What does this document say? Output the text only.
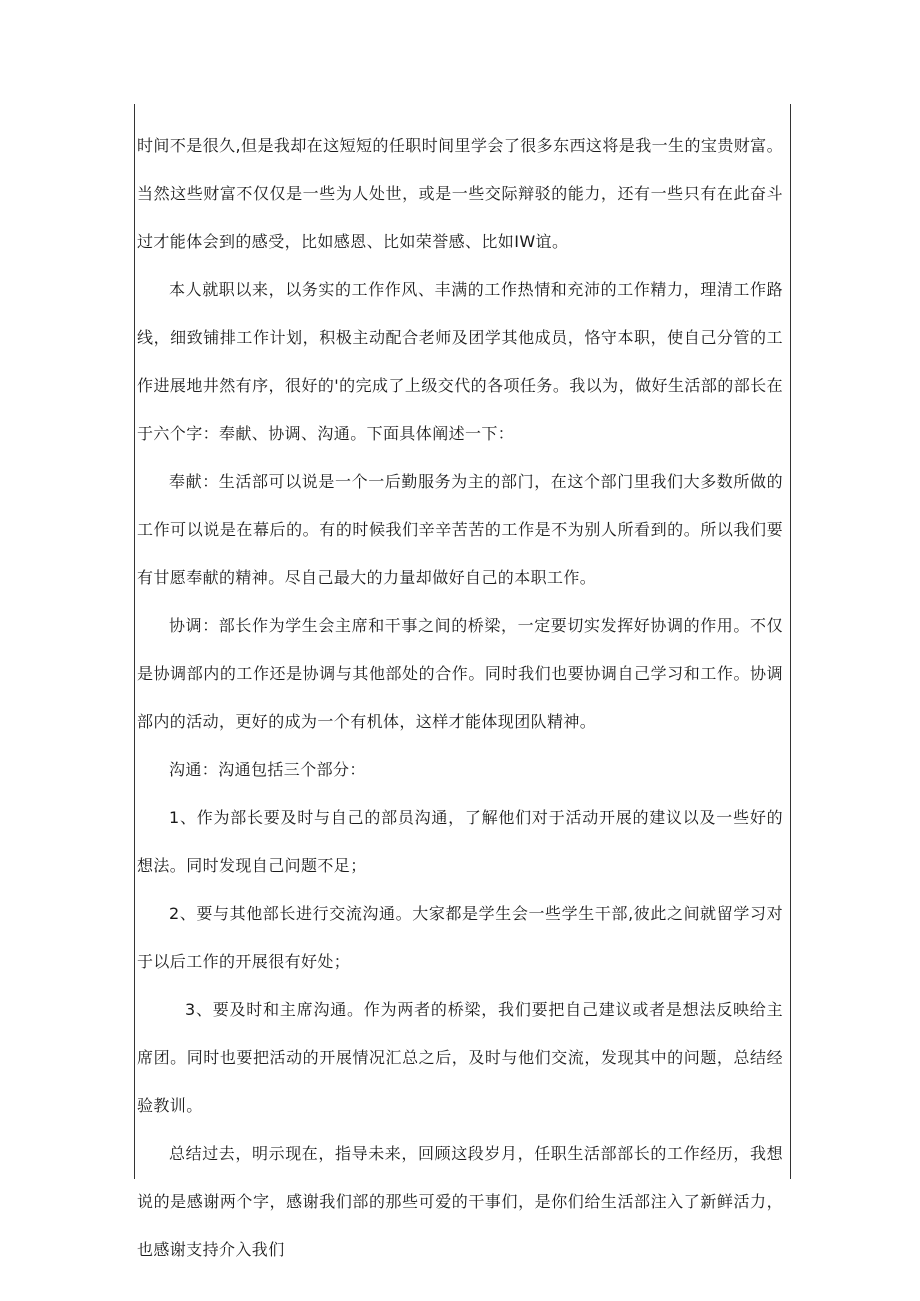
时间不是很久,但是我却在这短短的任职时间里学会了很多东西这将是我一生的宝贵财富。当然这些财富不仅仅是一些为人处世，或是一些交际辩驳的能力，还有一些只有在此奋斗过才能体会到的感受，比如感恩、比如荣誉感、比如IW谊。

本人就职以来，以务实的工作作风、丰满的工作热情和充沛的工作精力，理清工作路线，细致铺排工作计划，积极主动配合老师及团学其他成员，恪守本职，使自己分管的工作进展地井然有序，很好的'的完成了上级交代的各项任务。我以为，做好生活部的部长在于六个字：奉献、协调、沟通。下面具体阐述一下：

奉献：生活部可以说是一个一后勤服务为主的部门，在这个部门里我们大多数所做的工作可以说是在幕后的。有的时候我们辛辛苦苦的工作是不为别人所看到的。所以我们要有甘愿奉献的精神。尽自己最大的力量却做好自己的本职工作。

协调：部长作为学生会主席和干事之间的桥梁，一定要切实发挥好协调的作用。不仅是协调部内的工作还是协调与其他部处的合作。同时我们也要协调自己学习和工作。协调部内的活动，更好的成为一个有机体，这样才能体现团队精神。

沟通：沟通包括三个部分：

1、作为部长要及时与自己的部员沟通，了解他们对于活动开展的建议以及一些好的想法。同时发现自己问题不足；

2、要与其他部长进行交流沟通。大家都是学生会一些学生干部,彼此之间就留学习对于以后工作的开展很有好处；

3、要及时和主席沟通。作为两者的桥梁，我们要把自己建议或者是想法反映给主席团。同时也要把活动的开展情况汇总之后，及时与他们交流，发现其中的问题，总结经验教训。

总结过去，明示现在，指导未来，回顾这段岁月，任职生活部部长的工作经历，我想说的是感谢两个字，感谢我们部的那些可爱的干事们，是你们给生活部注入了新鲜活力，也感谢支持介入我们
